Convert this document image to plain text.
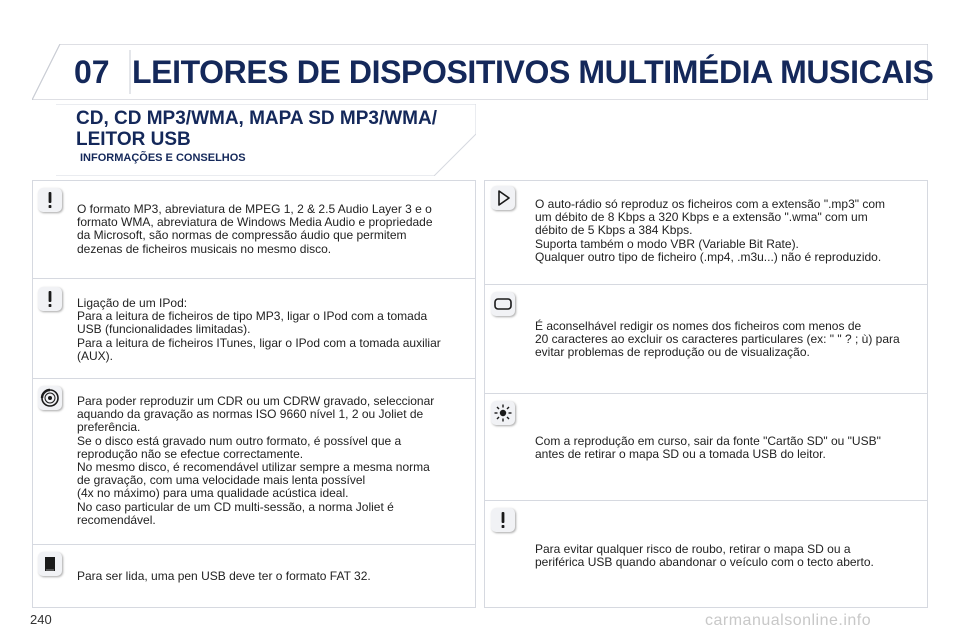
07 LEITORES DE DISPOSITIVOS MULTIMÉDIA MUSICAIS
CD, CD MP3/WMA, MAPA SD MP3/WMA/
LEITOR USB
INFORMAÇÕES E CONSELHOS
O formato MP3, abreviatura de MPEG 1, 2 & 2.5 Audio Layer 3 e o
formato WMA, abreviatura de Windows Media Audio e propriedade
da Microsoft, são normas de compressão áudio que permitem
dezenas de ficheiros musicais no mesmo disco.
Ligação de um IPod:
Para a leitura de ficheiros de tipo MP3, ligar o IPod com a tomada
USB (funcionalidades limitadas).
Para a leitura de ficheiros ITunes, ligar o IPod com a tomada auxiliar
(AUX).
Para poder reproduzir um CDR ou um CDRW gravado, seleccionar
aquando da gravação as normas ISO 9660 nível 1, 2 ou Joliet de
preferência.
Se o disco está gravado num outro formato, é possível que a
reprodução não se efectue correctamente.
No mesmo disco, é recomendável utilizar sempre a mesma norma
de gravação, com uma velocidade mais lenta possível
(4x no máximo) para uma qualidade acústica ideal.
No caso particular de um CD multi-sessão, a norma Joliet é
recomendável.
Para ser lida, uma pen USB deve ter o formato FAT 32.
O auto-rádio só reproduz os ficheiros com a extensão ".mp3" com
um débito de 8 Kbps a 320 Kbps e a extensão ".wma" com um
débito de 5 Kbps a 384 Kbps.
Suporta também o modo VBR (Variable Bit Rate).
Qualquer outro tipo de ficheiro (.mp4, .m3u...) não é reproduzido.
É aconselhável redigir os nomes dos ficheiros com menos de
20 caracteres ao excluir os caracteres particulares (ex: " " ? ; ù) para
evitar problemas de reprodução ou de visualização.
Com a reprodução em curso, sair da fonte "Cartão SD" ou "USB"
antes de retirar o mapa SD ou a tomada USB do leitor.
Para evitar qualquer risco de roubo, retirar o mapa SD ou a
periférica USB quando abandonar o veículo com o tecto aberto.
240	carmanualsonline.info
